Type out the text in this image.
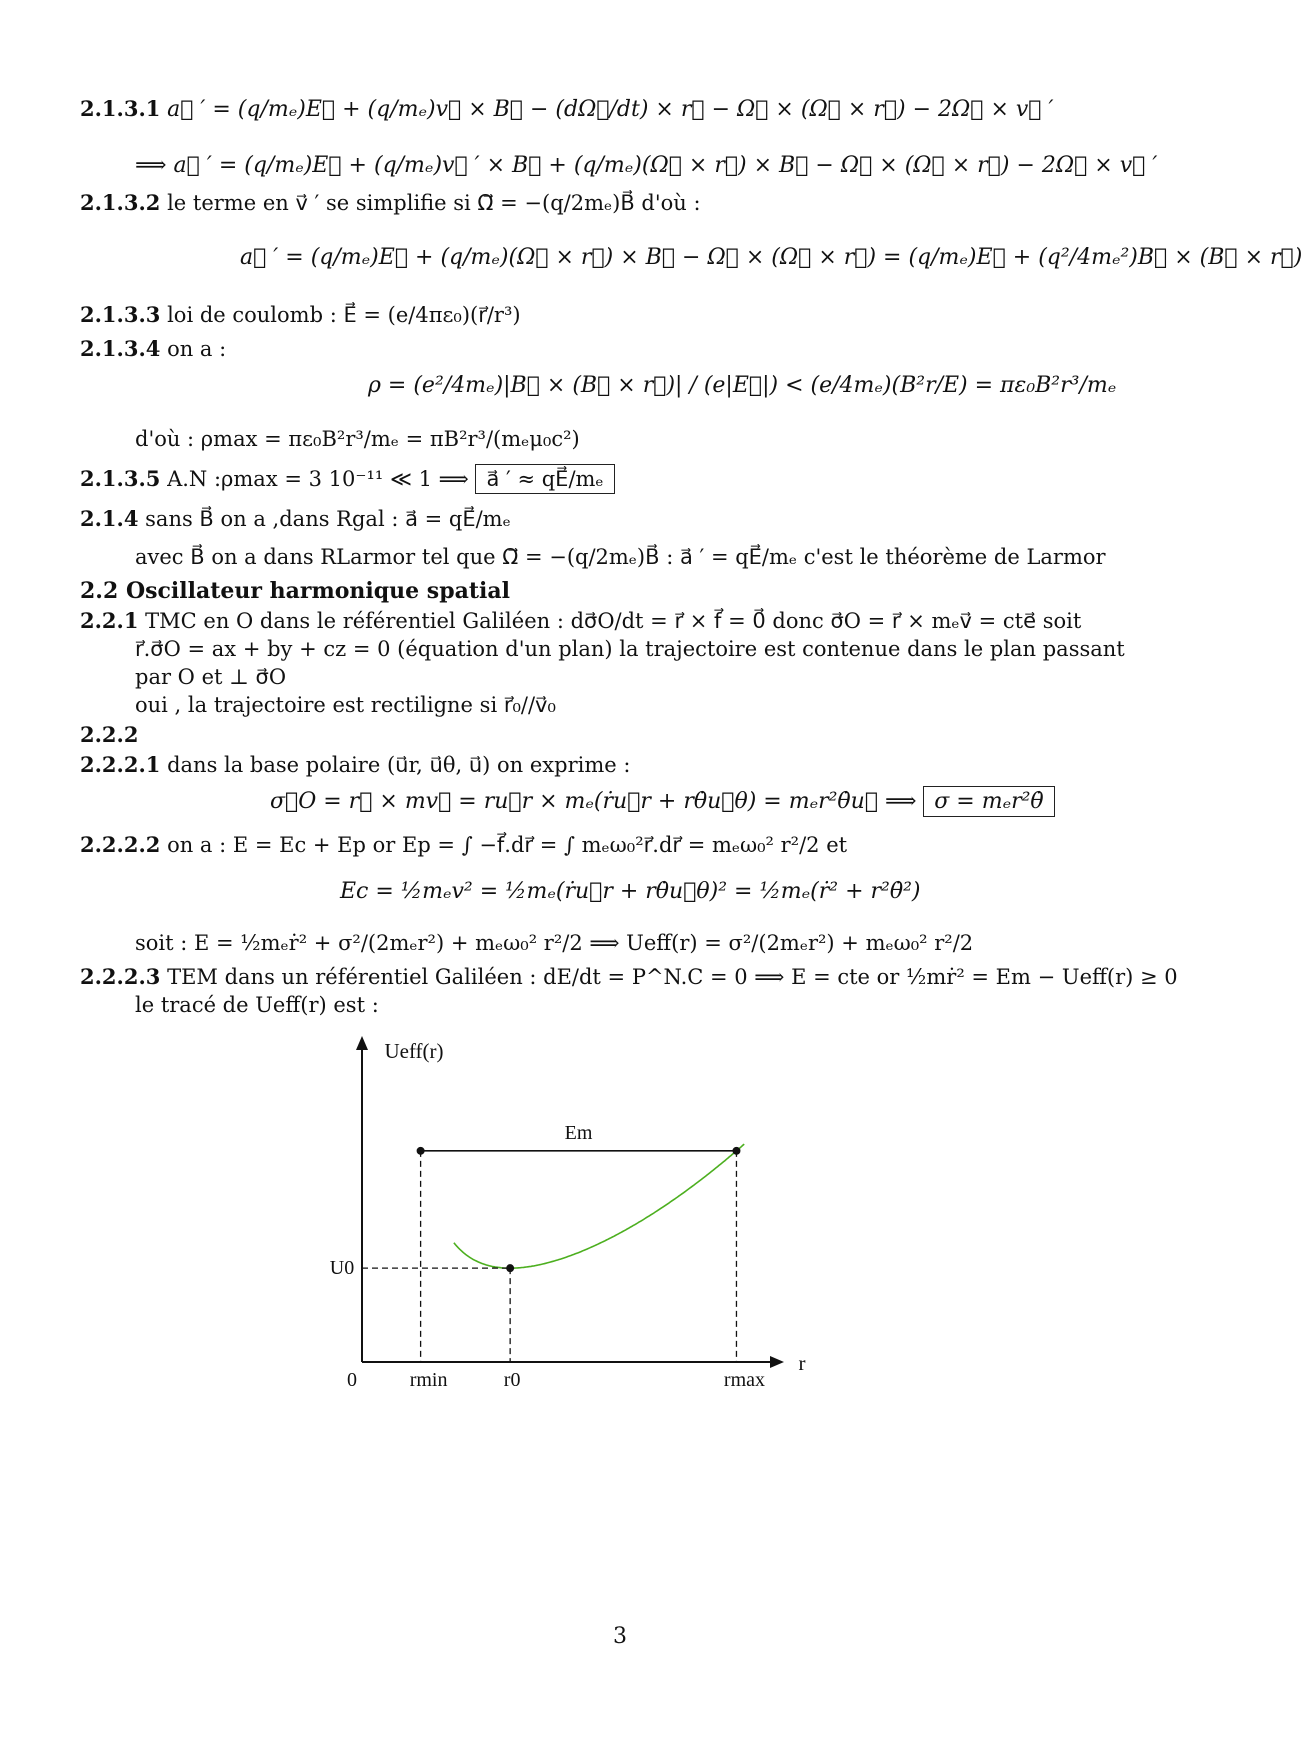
2.1.3.1 a⃗ ′ = (q/mₑ)E⃗ + (q/mₑ)v⃗ × B⃗ − (dΩ⃗/dt) × r⃗ − Ω⃗ × (Ω⃗ × r⃗) − 2Ω⃗ × v⃗ ′
⟹ a⃗ ′ = (q/mₑ)E⃗ + (q/mₑ)v⃗ ′ × B⃗ + (q/mₑ)(Ω⃗ × r⃗) × B⃗ − Ω⃗ × (Ω⃗ × r⃗) − 2Ω⃗ × v⃗ ′
2.1.3.2 le terme en v⃗ ′ se simplifie si Ω⃗ = −(q/2mₑ)B⃗ d'où :
a⃗ ′ = (q/mₑ)E⃗ + (q/mₑ)(Ω⃗ × r⃗) × B⃗ − Ω⃗ × (Ω⃗ × r⃗) = (q/mₑ)E⃗ + (q²/4mₑ²)B⃗ × (B⃗ × r⃗)
2.1.3.3 loi de coulomb : E⃗ = (e/4πε₀)(r⃗/r³)
2.1.3.4 on a :
ρ = (e²/4mₑ)|B⃗ × (B⃗ × r⃗)| / (e|E⃗|) < (e/4mₑ)(B²r/E) = πε₀B²r³/mₑ
d'où : ρmax = πε₀B²r³/mₑ = πB²r³/(mₑμ₀c²)
2.1.3.5 A.N :ρmax = 3 10⁻¹¹ ≪ 1 ⟹ a⃗ ′ ≈ qE⃗/mₑ
2.1.4 sans B⃗ on a ,dans Rgal : a⃗ = qE⃗/mₑ
avec B⃗ on a dans RLarmor tel que Ω⃗ = −(q/2mₑ)B⃗ : a⃗ ′ = qE⃗/mₑ c'est le théorème de Larmor
2.2 Oscillateur harmonique spatial
2.2.1 TMC en O dans le référentiel Galiléen : dσ⃗O/dt = r⃗ × f⃗ = 0⃗ donc σ⃗O = r⃗ × mₑv⃗ = cte⃗ soit
r⃗.σ⃗O = ax + by + cz = 0 (équation d'un plan) la trajectoire est contenue dans le plan passant
par O et ⊥ σ⃗O
oui , la trajectoire est rectiligne si r⃗₀//v⃗₀
2.2.2
2.2.2.1 dans la base polaire (u⃗r, u⃗θ, u⃗) on exprime :
σ⃗O = r⃗ × mv⃗ = ru⃗r × mₑ(ṙu⃗r + rθ̇u⃗θ) = mₑr²θ̇u⃗ ⟹ σ = mₑr²θ̇
2.2.2.2 on a : E = Ec + Ep or Ep = ∫ −f⃗.dr⃗ = ∫ mₑω₀²r⃗.dr⃗ = mₑω₀² r²/2 et
Ec = ½mₑv² = ½mₑ(ṙu⃗r + rθ̇u⃗θ)² = ½mₑ(ṙ² + r²θ̇²)
soit : E = ½mₑṙ² + σ²/(2mₑr²) + mₑω₀² r²/2 ⟹ Ueff(r) = σ²/(2mₑr²) + mₑω₀² r²/2
2.2.2.3 TEM dans un référentiel Galiléen : dE/dt = P^N.C = 0 ⟹ E = cte or ½mṙ² = Em − Ueff(r) ≥ 0
le tracé de Ueff(r) est :
Ueff(r)
r
0
U0
Em
rmin	r0	rmax
3
